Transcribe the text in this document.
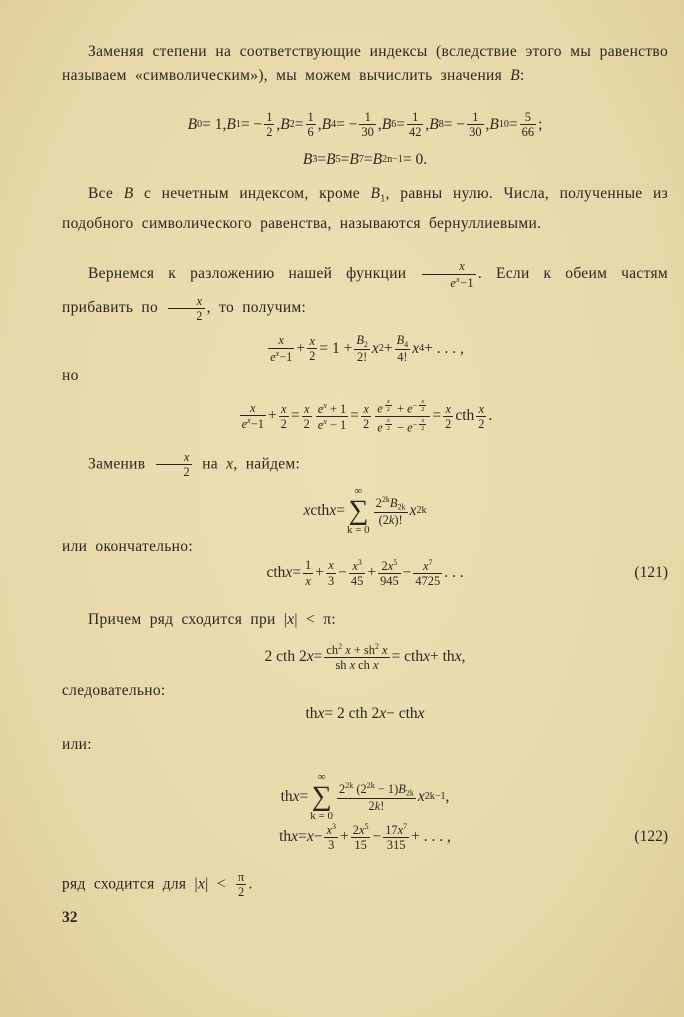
Заменяя степени на соответствующие индексы (вследствие этого мы равенство называем «символическим»), мы можем вычислить значения B:
B 0 = 1, B 1 = − $\frac{1}{2}$ , B $2 = \frac{1}{6}$ , B 4 = − $\frac{1}{30}$ , B $6 = \frac{1}{42}$ , B 8 = − $\frac{1}{30}$ , B $10 = \frac{5}{66}$ ;
B 3 = B 5 = B 7 = B 2n−1 = 0.
Все B с нечетным индексом, кроме $B_1$, равны нулю. Числа, полученные из подобного символического равенства, называются бернуллиевыми.
Вернемся к разложению нашей функции $\frac{x}{e^x-1}$ . Если к обеим частям прибавить по $\frac{x}{2}$ , то получим:
$\frac{x}{e^x-1} + \frac{x}{2} = 1 + \frac{B_2}{2!}$ x $2 + \frac{B_4}{4!}$ x 4 + . . . ,
но
$\frac{x}{e^x-1} + \frac{x}{2} = \frac{x}{2} \frac{e^x + 1}{e^x - 1} = \frac{x}{2}$ e $^{\frac{x}{2}} + e^{- \frac{x}{2}}$
e $^{\frac{x}{2}} - e^{- \frac{x}{2}} = \frac{x}{2}$ cth $\frac{x}{2}$ .
Заменив $\frac{x}{2}$ на x, найдем:
x cth x =
∞
∑
k = 0
$\frac{2^{2k}B_{2k}}{(2k)!}$ x 2k
или окончательно:
cth $x = \frac{1}{x} + \frac{x}{3} - \frac{x^3}{45} + \frac{2x^5}{945} - \frac{x^7}{4725}$ . . .	(121)
Причем ряд сходится при |x| < π:
2 cth 2 $x = \frac{ch^2 x + sh^2 x}{\text{sh x ch x}}$ = cth x + th x ,
следовательно:
th x = 2 cth 2 x − cth x
или:
th x =
∞
∑
k = 0
$\frac{2^{2k} (2^{2k} - 1)B_{2k}}{2k!}$ x 2k−1 ,
th $x = x - \frac{x^3}{3} + \frac{2x^5}{15} - \frac{17x^7}{315}$ + . . . ,	(122)
ряд сходится для $|x| < \frac{\pi}{2}$ .
32
